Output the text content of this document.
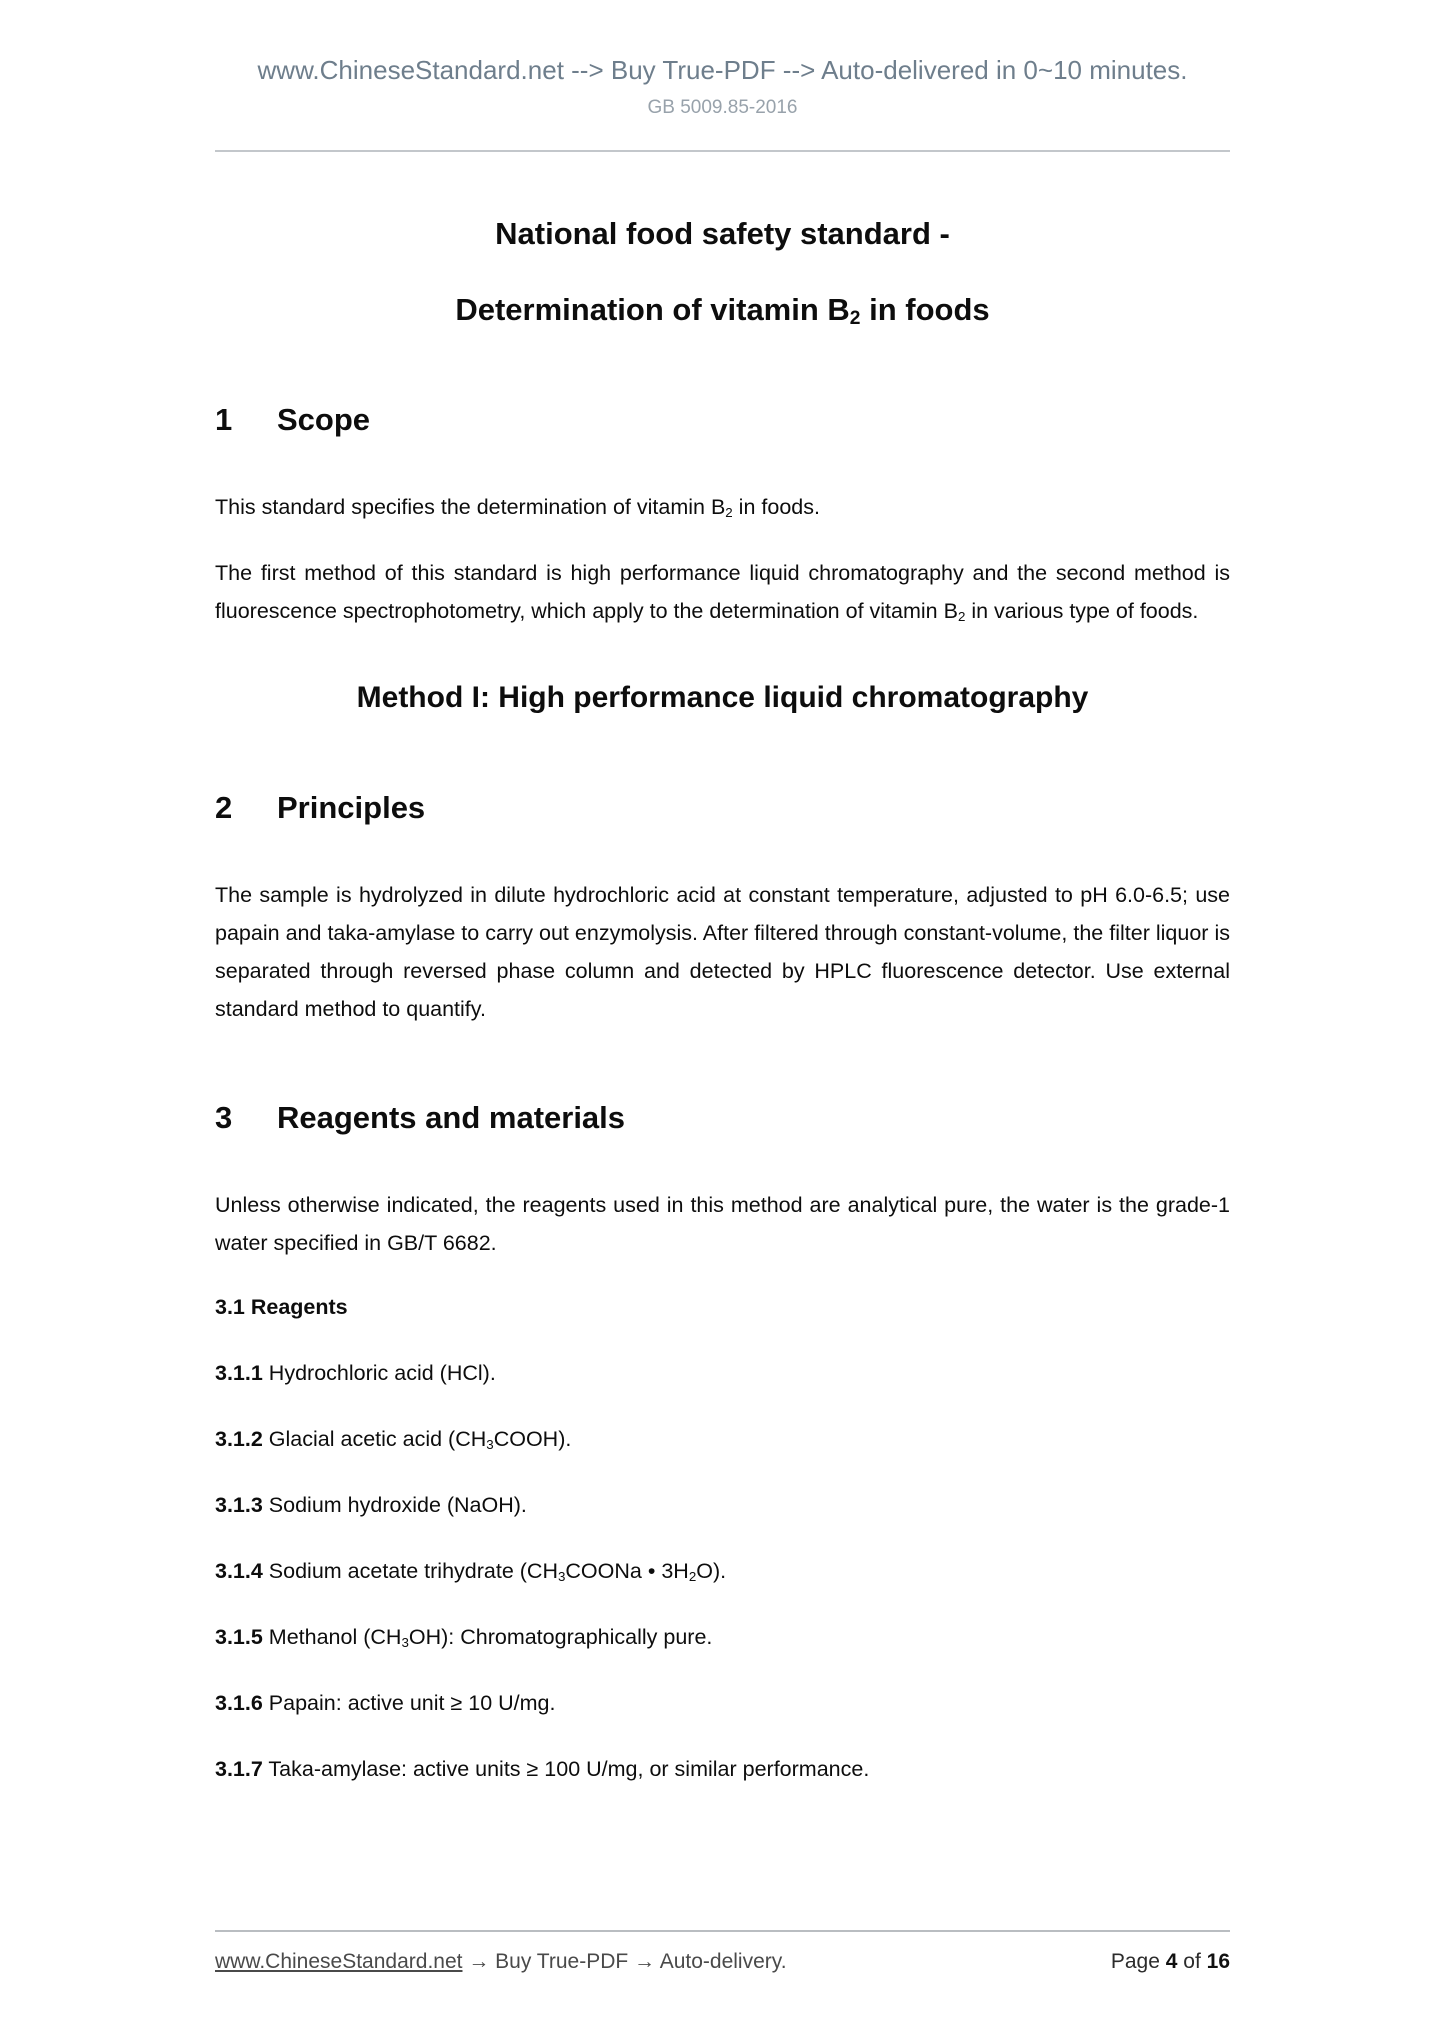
www.ChineseStandard.net --> Buy True-PDF --> Auto-delivered in 0~10 minutes.
GB 5009.85-2016
National food safety standard -
Determination of vitamin $B_2$ in foods
1 Scope

This standard specifies the determination of vitamin $B_2$ in foods.

The first method of this standard is high performance liquid chromatography and the second method is fluorescence spectrophotometry, which apply to the determination of vitamin $B_2$ in various type of foods.

Method I: High performance liquid chromatography
2 Principles

The sample is hydrolyzed in dilute hydrochloric acid at constant temperature, adjusted to pH 6.0-6.5; use papain and taka-amylase to carry out enzymolysis. After filtered through constant-volume, the filter liquor is separated through reversed phase column and detected by HPLC fluorescence detector. Use external standard method to quantify.

3 Reagents and materials

Unless otherwise indicated, the reagents used in this method are analytical pure, the water is the grade-1 water specified in GB/T 6682.

3.1 Reagents

3.1.1 Hydrochloric acid (HCl).

3.1.2 Glacial acetic acid $(CH_3COOH)$.

3.1.3 Sodium hydroxide (NaOH).

3.1.4 Sodium acetate trihydrate ($CH_3COONa$ • $3H_2O$).

3.1.5 Methanol $(CH_3OH)$: Chromatographically pure.

3.1.6 Papain: active unit ≥ 10 U/mg.

3.1.7 Taka-amylase: active units ≥ 100 U/mg, or similar performance.

www.ChineseStandard.net → Buy True-PDF → Auto-delivery.	Page 4 of 16
